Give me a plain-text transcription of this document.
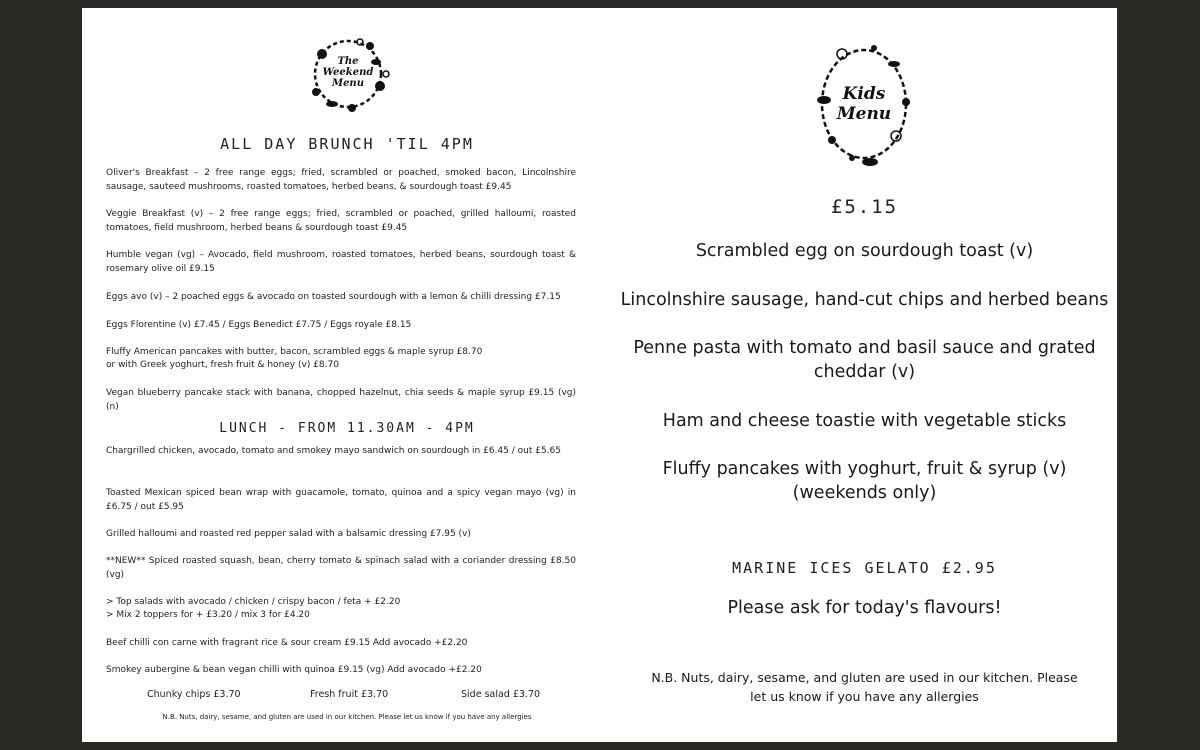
The
Weekend
Menu
ALL DAY BRUNCH 'TIL 4PM
Oliver's Breakfast – 2 free range eggs; fried, scrambled or poached, smoked bacon, Lincolnshire sausage, sauteed mushrooms, roasted tomatoes, herbed beans, & sourdough toast £9.45
Veggie Breakfast (v) – 2 free range eggs; fried, scrambled or poached, grilled halloumi, roasted tomatoes, field mushroom, herbed beans & sourdough toast £9.45
Humble vegan (vg) – Avocado, field mushroom, roasted tomatoes, herbed beans, sourdough toast & rosemary olive oil £9.15
Eggs avo (v) – 2 poached eggs & avocado on toasted sourdough with a lemon & chilli dressing £7.15
Eggs Florentine (v) £7.45 / Eggs Benedict £7.75 / Eggs royale £8.15
Fluffy American pancakes with butter, bacon, scrambled eggs & maple syrup £8.70
or with Greek yoghurt, fresh fruit & honey (v) £8.70
Vegan blueberry pancake stack with banana, chopped hazelnut, chia seeds & maple syrup £9.15 (vg) (n)
LUNCH - FROM 11.30AM - 4PM
Chargrilled chicken, avocado, tomato and smokey mayo sandwich on sourdough in £6.45 / out £5.65
Toasted Mexican spiced bean wrap with guacamole, tomato, quinoa and a spicy vegan mayo (vg) in £6.75 / out £5.95
Grilled halloumi and roasted red pepper salad with a balsamic dressing £7.95 (v)
**NEW** Spiced roasted squash, bean, cherry tomato & spinach salad with a coriander dressing £8.50 (vg)
> Top salads with avocado / chicken / crispy bacon / feta + £2.20
> Mix 2 toppers for + £3.20 / mix 3 for £4.20
Beef chilli con carne with fragrant rice & sour cream £9.15 Add avocado +£2.20
Smokey aubergine & bean vegan chilli with quinoa £9.15 (vg) Add avocado +£2.20
Chunky chips £3.70	Fresh fruit £3.70	Side salad £3.70
N.B. Nuts, dairy, sesame, and gluten are used in our kitchen. Please let us know if you have any allergies
Kids
Menu
£5.15
Scrambled egg on sourdough toast (v)
Lincolnshire sausage, hand-cut chips and herbed beans
Penne pasta with tomato and basil sauce and grated
cheddar (v)
Ham and cheese toastie with vegetable sticks
Fluffy pancakes with yoghurt, fruit & syrup (v)
(weekends only)
MARINE ICES GELATO £2.95
Please ask for today's flavours!
N.B. Nuts, dairy, sesame, and gluten are used in our kitchen. Please let us know if you have any allergies
